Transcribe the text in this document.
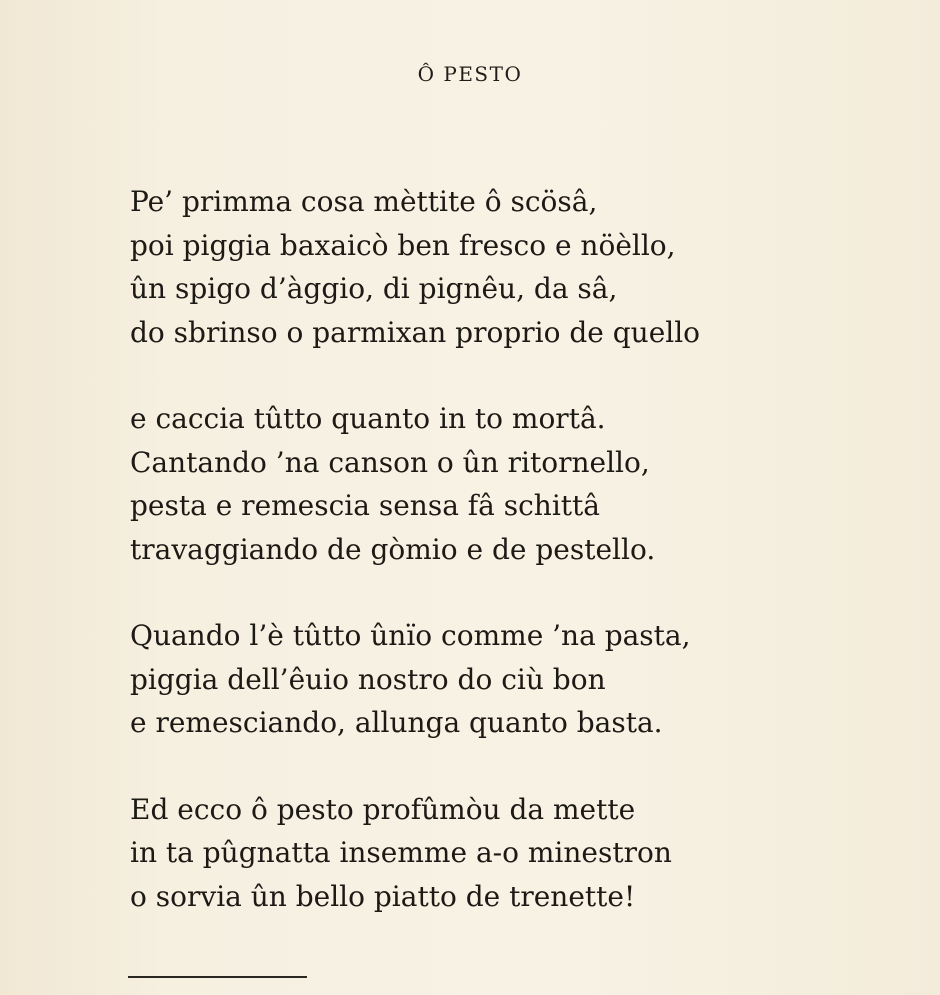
Ô PESTO
Pe’ primma cosa mèttite ô scösâ,
poi piggia baxaicò ben fresco e nöèllo,
ûn spigo d’àggio, di pignêu, da sâ,
do sbrinso o parmixan proprio de quello
e caccia tûtto quanto in to mortâ.
Cantando ’na canson o ûn ritornello,
pesta e remescia sensa fâ schittâ
travaggiando de gòmio e de pestello.
Quando l’è tûtto ûnïo comme ’na pasta,
piggia dell’êuio nostro do ciù bon
e remesciando, allunga quanto basta.
Ed ecco ô pesto profûmòu da mette
in ta pûgnatta insemme a-o minestron
o sorvia ûn bello piatto de trenette!
